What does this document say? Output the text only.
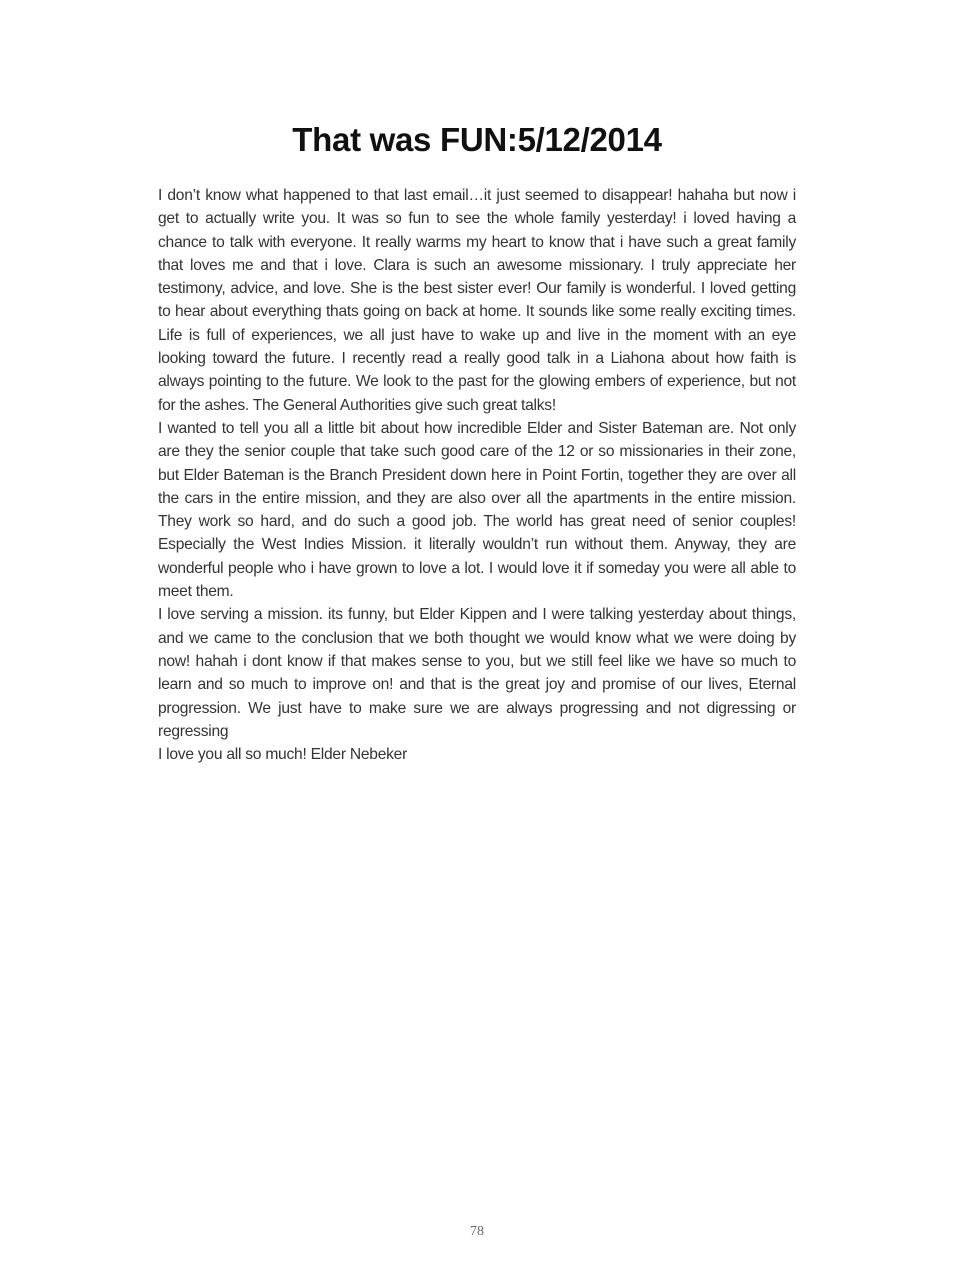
That was FUN:5/12/2014

I don’t know what happened to that last email…it just seemed to disappear! hahaha but now i get to actually write you. It was so fun to see the whole family yesterday! i loved having a chance to talk with everyone. It really warms my heart to know that i have such a great family that loves me and that i love. Clara is such an awesome missionary. I truly appreciate her testimony, advice, and love. She is the best sister ever! Our family is wonderful. I loved getting to hear about everything thats going on back at home. It sounds like some really exciting times. Life is full of experiences, we all just have to wake up and live in the moment with an eye looking toward the future. I recently read a really good talk in a Liahona about how faith is always pointing to the future. We look to the past for the glowing embers of experience, but not for the ashes. The General Authorities give such great talks!

I wanted to tell you all a little bit about how incredible Elder and Sister Bateman are. Not only are they the senior couple that take such good care of the 12 or so missionaries in their zone, but Elder Bateman is the Branch President down here in Point Fortin, together they are over all the cars in the entire mission, and they are also over all the apartments in the entire mission. They work so hard, and do such a good job. The world has great need of senior couples! Especially the West Indies Mission. it literally wouldn’t run without them. Anyway, they are wonderful people who i have grown to love a lot. I would love it if someday you were all able to meet them.

I love serving a mission. its funny, but Elder Kippen and I were talking yesterday about things, and we came to the conclusion that we both thought we would know what we were doing by now! hahah i dont know if that makes sense to you, but we still feel like we have so much to learn and so much to improve on! and that is the great joy and promise of our lives, Eternal progression. We just have to make sure we are always progressing and not digressing or regressing

I love you all so much! Elder Nebeker

78
